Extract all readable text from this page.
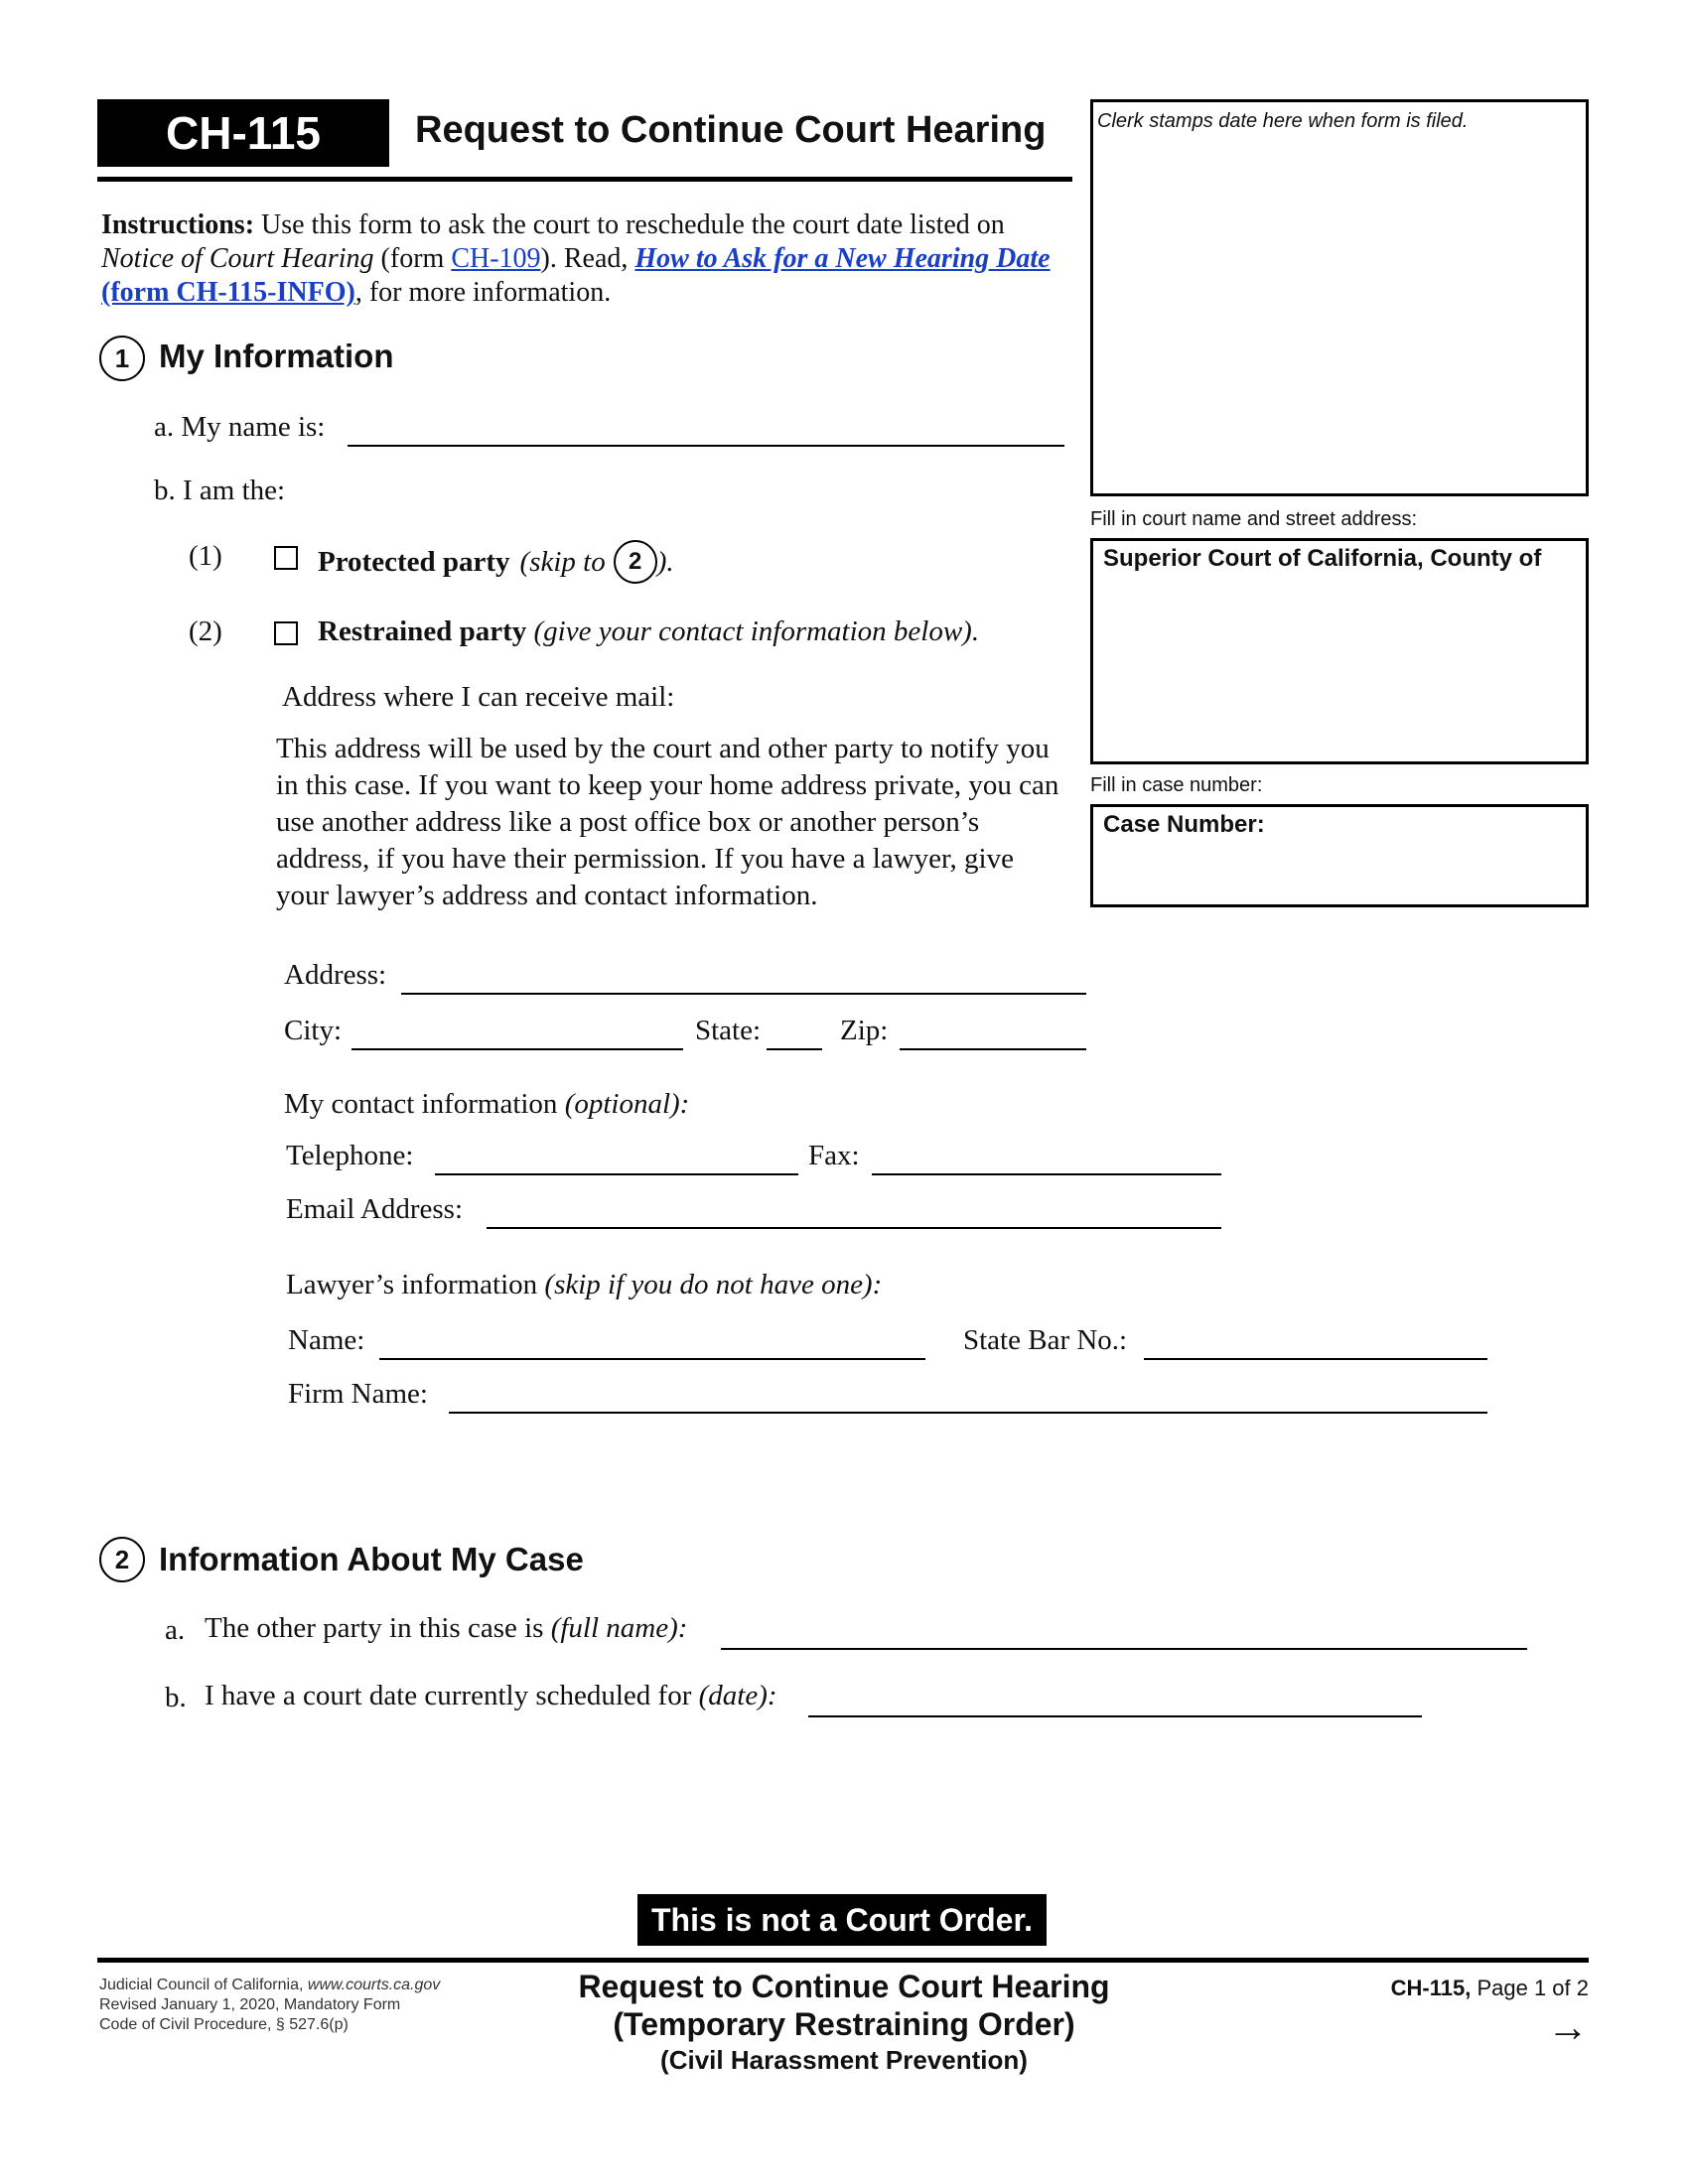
CH-115	Request to Continue Court Hearing	Clerk stamps date here when form is filed.
Fill in court name and street address:
Superior Court of California, County of
Fill in case number:
Case Number:
Instructions: Use this form to ask the court to reschedule the court date listed on Notice of Court Hearing (form CH-109). Read, How to Ask for a New Hearing Date (form CH-115-INFO), for more information.
1 My Information
a. My name is:
b. I am the:
(1)	Protected party (skip to 2 ).
(2)	Restrained party (give your contact information below).
Address where I can receive mail:
This address will be used by the court and other party to notify you in this case. If you want to keep your home address private, you can use another address like a post office box or another person’s address, if you have their permission. If you have a lawyer, give your lawyer’s address and contact information.
Address:
City:	State:	Zip:
My contact information (optional):
Telephone:	Fax:
Email Address:
Lawyer’s information (skip if you do not have one):
Name:	State Bar No.:
Firm Name:
2 Information About My Case
a. The other party in this case is (full name):
b. I have a court date currently scheduled for (date):
This is not a Court Order.
Judicial Council of California, www.courts.ca.gov
Revised January 1, 2020, Mandatory Form
Code of Civil Procedure, § 527.6(p)
Request to Continue Court Hearing
(Temporary Restraining Order)
(Civil Harassment Prevention)
CH-115, Page 1 of 2
→
